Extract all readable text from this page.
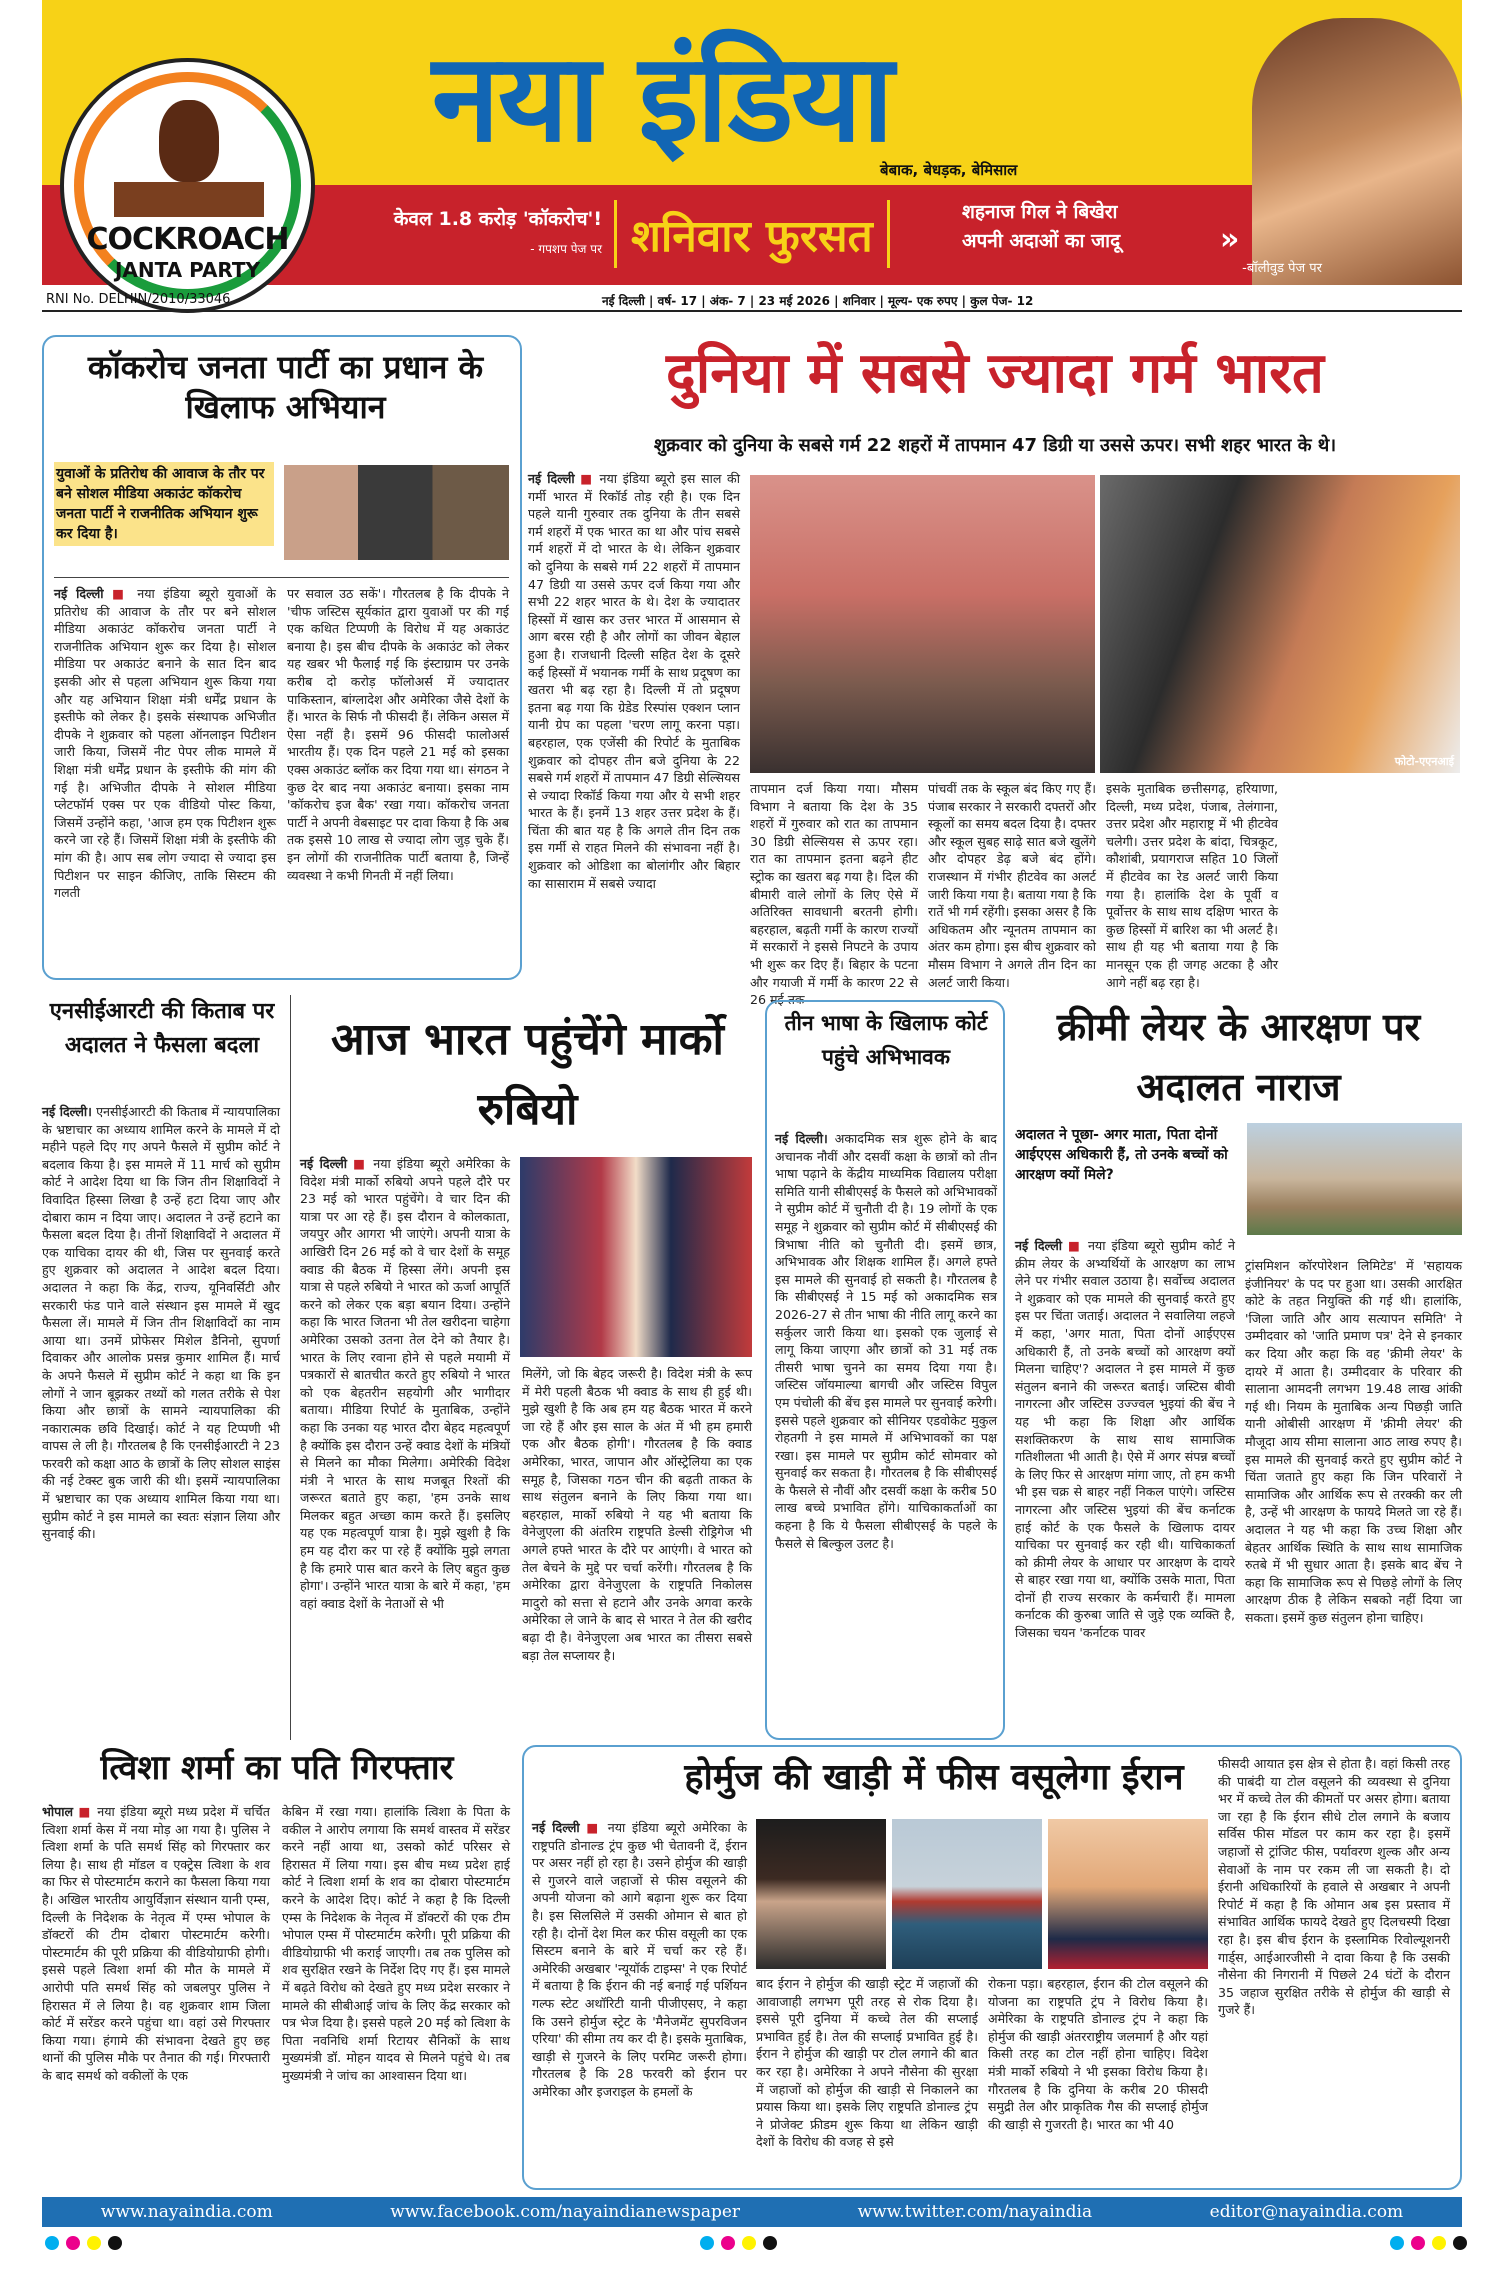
नया इंडिया
बेबाक, बेधड़क, बेमिसाल
केवल 1.8 करोड़ 'कॉकरोच'!
- गपशप पेज पर शनिवार फुरसत	शहनाज गिल ने बिखेरा
अपनी अदाओं का जादू	»
-बॉलीवुड पेज पर
COCKROACH
JANTA PARTY
RNI No. DELHIN/2010/33046	नई दिल्ली | वर्ष- 17 | अंक- 7 | 23 मई 2026 | शनिवार | मूल्य- एक रुपए | कुल पेज- 12
कॉकरोच जनता पार्टी का प्रधान के खिलाफ अभियान
युवाओं के प्रतिरोध की आवाज के तौर पर बने सोशल मीडिया अकाउंट कॉकरोच जनता पार्टी ने राजनीतिक अभियान शुरू कर दिया है।
नई दिल्ली ■ नया इंडिया ब्यूरो युवाओं के प्रतिरोध की आवाज के तौर पर बने सोशल मीडिया अकाउंट कॉकरोच जनता पार्टी ने राजनीतिक अभियान शुरू कर दिया है। सोशल मीडिया पर अकाउंट बनाने के सात दिन बाद इसकी ओर से पहला अभियान शुरू किया गया और यह अभियान शिक्षा मंत्री धर्मेंद्र प्रधान के इस्तीफे को लेकर है। इसके संस्थापक अभिजीत दीपके ने शुक्रवार को पहला ऑनलाइन पिटीशन जारी किया, जिसमें नीट पेपर लीक मामले में शिक्षा मंत्री धर्मेंद्र प्रधान के इस्तीफे की मांग की गई है। अभिजीत दीपके ने सोशल मीडिया प्लेटफॉर्म एक्स पर एक वीडियो पोस्ट किया, जिसमें उन्होंने कहा, 'आज हम एक पिटीशन शुरू करने जा रहे हैं। जिसमें शिक्षा मंत्री के इस्तीफे की मांग की है। आप सब लोग ज्यादा से ज्यादा इस पिटीशन पर साइन कीजिए, ताकि सिस्टम की गलती
पर सवाल उठ सकें'। गौरतलब है कि दीपके ने 'चीफ जस्टिस सूर्यकांत द्वारा युवाओं पर की गई एक कथित टिप्पणी के विरोध में यह अकाउंट बनाया है। इस बीच दीपके के अकाउंट को लेकर यह खबर भी फैलाई गई कि इंस्टाग्राम पर उनके करीब दो करोड़ फॉलोअर्स में ज्यादातर पाकिस्तान, बांग्लादेश और अमेरिका जैसे देशों के हैं। भारत के सिर्फ नौ फीसदी हैं। लेकिन असल में ऐसा नहीं है। इसमें 96 फीसदी फालोअर्स भारतीय हैं। एक दिन पहले 21 मई को इसका एक्स अकाउंट ब्लॉक कर दिया गया था। संगठन ने कुछ देर बाद नया अकाउंट बनाया। इसका नाम 'कॉकरोच इज बैक' रखा गया। कॉकरोच जनता पार्टी ने अपनी वेबसाइट पर दावा किया है कि अब तक इससे 10 लाख से ज्यादा लोग जुड़ चुके हैं। इन लोगों की राजनीतिक पार्टी बताया है, जिन्हें व्यवस्था ने कभी गिनती में नहीं लिया।
दुनिया में सबसे ज्यादा गर्म भारत
शुक्रवार को दुनिया के सबसे गर्म 22 शहरों में तापमान 47 डिग्री या उससे ऊपर। सभी शहर भारत के थे।
नई दिल्ली ■ नया इंडिया ब्यूरो इस साल की गर्मी भारत में रिकॉर्ड तोड़ रही है। एक दिन पहले यानी गुरुवार तक दुनिया के तीन सबसे गर्म शहरों में एक भारत का था और पांच सबसे गर्म शहरों में दो भारत के थे। लेकिन शुक्रवार को दुनिया के सबसे गर्म 22 शहरों में तापमान 47 डिग्री या उससे ऊपर दर्ज किया गया और सभी 22 शहर भारत के थे। देश के ज्यादातर हिस्सों में खास कर उत्तर भारत में आसमान से आग बरस रही है और लोगों का जीवन बेहाल हुआ है। राजधानी दिल्ली सहित देश के दूसरे कई हिस्सों में भयानक गर्मी के साथ प्रदूषण का खतरा भी बढ़ रहा है। दिल्ली में तो प्रदूषण इतना बढ़ गया कि ग्रेडेड रिस्पांस एक्शन प्लान यानी ग्रेप का पहला 'चरण लागू करना पड़ा। बहरहाल, एक एजेंसी की रिपोर्ट के मुताबिक शुक्रवार को दोपहर तीन बजे दुनिया के 22 सबसे गर्म शहरों में तापमान 47 डिग्री सेल्सियस से ज्यादा रिकॉर्ड किया गया और ये सभी शहर भारत के हैं। इनमें 13 शहर उत्तर प्रदेश के हैं। चिंता की बात यह है कि अगले तीन दिन तक इस गर्मी से राहत मिलने की संभावना नहीं है। शुक्रवार को ओडिशा का बोलांगीर और बिहार का सासाराम में सबसे ज्यादा
फोटो-एएनआई
तापमान दर्ज किया गया। मौसम विभाग ने बताया कि देश के 35 शहरों में गुरुवार को रात का तापमान 30 डिग्री सेल्सियस से ऊपर रहा। रात का तापमान इतना बढ़ने हीट स्ट्रोक का खतरा बढ़ गया है। दिल की बीमारी वाले लोगों के लिए ऐसे में अतिरिक्त सावधानी बरतनी होगी। बहरहाल, बढ़ती गर्मी के कारण राज्यों में सरकारों ने इससे निपटने के उपाय भी शुरू कर दिए हैं। बिहार के पटना और गयाजी में गर्मी के कारण 22 से 26 मई तक
पांचवीं तक के स्कूल बंद किए गए हैं। पंजाब सरकार ने सरकारी दफ्तरों और स्कूलों का समय बदल दिया है। दफ्तर और स्कूल सुबह साढ़े सात बजे खुलेंगे और दोपहर डेढ़ बजे बंद होंगे। राजस्थान में गंभीर हीटवेव का अलर्ट जारी किया गया है। बताया गया है कि रातें भी गर्म रहेंगी। इसका असर है कि अधिकतम और न्यूनतम तापमान का अंतर कम होगा। इस बीच शुक्रवार को मौसम विभाग ने अगले तीन दिन का अलर्ट जारी किया।
इसके मुताबिक छत्तीसगढ़, हरियाणा, दिल्ली, मध्य प्रदेश, पंजाब, तेलंगाना, उत्तर प्रदेश और महाराष्ट्र में भी हीटवेव चलेगी। उत्तर प्रदेश के बांदा, चित्रकूट, कौशांबी, प्रयागराज सहित 10 जिलों में हीटवेव का रेड अलर्ट जारी किया गया है। हालांकि देश के पूर्वी व पूर्वोत्तर के साथ साथ दक्षिण भारत के कुछ हिस्सों में बारिश का भी अलर्ट है। साथ ही यह भी बताया गया है कि मानसून एक ही जगह अटका है और आगे नहीं बढ़ रहा है।
एनसीईआरटी की किताब पर अदालत ने फैसला बदला
नई दिल्ली। एनसीईआरटी की किताब में न्यायपालिका के भ्रष्टाचार का अध्याय शामिल करने के मामले में दो महीने पहले दिए गए अपने फैसले में सुप्रीम कोर्ट ने बदलाव किया है। इस मामले में 11 मार्च को सुप्रीम कोर्ट ने आदेश दिया था कि जिन तीन शिक्षाविदों ने विवादित हिस्सा लिखा है उन्हें हटा दिया जाए और दोबारा काम न दिया जाए। अदालत ने उन्हें हटाने का फैसला बदल दिया है। तीनों शिक्षाविदों ने अदालत में एक याचिका दायर की थी, जिस पर सुनवाई करते हुए शुक्रवार को अदालत ने आदेश बदल दिया। अदालत ने कहा कि केंद्र, राज्य, यूनिवर्सिटी और सरकारी फंड पाने वाले संस्थान इस मामले में खुद फैसला लें। मामले में जिन तीन शिक्षाविदों का नाम आया था। उनमें प्रोफेसर मिशेल डैनिनो, सुपर्णा दिवाकर और आलोक प्रसन्न कुमार शामिल हैं। मार्च के अपने फैसले में सुप्रीम कोर्ट ने कहा था कि इन लोगों ने जान बूझकर तथ्यों को गलत तरीके से पेश किया और छात्रों के सामने न्यायपालिका की नकारात्मक छवि दिखाई। कोर्ट ने यह टिप्पणी भी वापस ले ली है। गौरतलब है कि एनसीईआरटी ने 23 फरवरी को कक्षा आठ के छात्रों के लिए सोशल साइंस की नई टेक्स्ट बुक जारी की थी। इसमें न्यायपालिका में भ्रष्टाचार का एक अध्याय शामिल किया गया था। सुप्रीम कोर्ट ने इस मामले का स्वतः संज्ञान लिया और सुनवाई की।
आज भारत पहुंचेंगे मार्को रुबियो
नई दिल्ली ■ नया इंडिया ब्यूरो अमेरिका के विदेश मंत्री मार्को रुबियो अपने पहले दौरे पर 23 मई को भारत पहुंचेंगे। वे चार दिन की यात्रा पर आ रहे हैं। इस दौरान वे कोलकाता, जयपुर और आगरा भी जाएंगे। अपनी यात्रा के आखिरी दिन 26 मई को वे चार देशों के समूह क्वाड की बैठक में हिस्सा लेंगे। अपनी इस यात्रा से पहले रुबियो ने भारत को ऊर्जा आपूर्ति करने को लेकर एक बड़ा बयान दिया। उन्होंने कहा कि भारत जितना भी तेल खरीदना चाहेगा अमेरिका उसको उतना तेल देने को तैयार है। भारत के लिए रवाना होने से पहले मयामी में पत्रकारों से बातचीत करते हुए रुबियो ने भारत को एक बेहतरीन सहयोगी और भागीदार बताया। मीडिया रिपोर्ट के मुताबिक, उन्होंने कहा कि उनका यह भारत दौरा बेहद महत्वपूर्ण है क्योंकि इस दौरान उन्हें क्वाड देशों के मंत्रियों से मिलने का मौका मिलेगा। अमेरिकी विदेश मंत्री ने भारत के साथ मजबूत रिश्तों की जरूरत बताते हुए कहा, 'हम उनके साथ मिलकर बहुत अच्छा काम करते हैं। इसलिए यह एक महत्वपूर्ण यात्रा है। मुझे खुशी है कि हम यह दौरा कर पा रहे हैं क्योंकि मुझे लगता है कि हमारे पास बात करने के लिए बहुत कुछ होगा'। उन्होंने भारत यात्रा के बारे में कहा, 'हम वहां क्वाड देशों के नेताओं से भी
मिलेंगे, जो कि बेहद जरूरी है। विदेश मंत्री के रूप में मेरी पहली बैठक भी क्वाड के साथ ही हुई थी। मुझे खुशी है कि अब हम यह बैठक भारत में करने जा रहे हैं और इस साल के अंत में भी हम हमारी एक और बैठक होगी'। गौरतलब है कि क्वाड अमेरिका, भारत, जापान और ऑस्ट्रेलिया का एक समूह है, जिसका गठन चीन की बढ़ती ताकत के साथ संतुलन बनाने के लिए किया गया था। बहरहाल, मार्को रुबियो ने यह भी बताया कि वेनेजुएला की अंतरिम राष्ट्रपति डेल्सी रोड्रिगेज भी अगले हफ्ते भारत के दौरे पर आएंगी। वे भारत को तेल बेचने के मुद्दे पर चर्चा करेंगी। गौरतलब है कि अमेरिका द्वारा वेनेजुएला के राष्ट्रपति निकोलस मादुरो को सत्ता से हटाने और उनके अगवा करके अमेरिका ले जाने के बाद से भारत ने तेल की खरीद बढ़ा दी है। वेनेजुएला अब भारत का तीसरा सबसे बड़ा तेल सप्लायर है।
तीन भाषा के खिलाफ कोर्ट पहुंचे अभिभावक
नई दिल्ली। अकादमिक सत्र शुरू होने के बाद अचानक नौवीं और दसवीं कक्षा के छात्रों को तीन भाषा पढ़ाने के केंद्रीय माध्यमिक विद्यालय परीक्षा समिति यानी सीबीएसई के फैसले को अभिभावकों ने सुप्रीम कोर्ट में चुनौती दी है। 19 लोगों के एक समूह ने शुक्रवार को सुप्रीम कोर्ट में सीबीएसई की त्रिभाषा नीति को चुनौती दी। इसमें छात्र, अभिभावक और शिक्षक शामिल हैं। अगले हफ्ते इस मामले की सुनवाई हो सकती है। गौरतलब है कि सीबीएसई ने 15 मई को अकादमिक सत्र 2026-27 से तीन भाषा की नीति लागू करने का सर्कुलर जारी किया था। इसको एक जुलाई से लागू किया जाएगा और छात्रों को 31 मई तक तीसरी भाषा चुनने का समय दिया गया है। जस्टिस जॉयमाल्या बागची और जस्टिस विपुल एम पंचोली की बेंच इस मामले पर सुनवाई करेगी। इससे पहले शुक्रवार को सीनियर एडवोकेट मुकुल रोहतगी ने इस मामले में अभिभावकों का पक्ष रखा। इस मामले पर सुप्रीम कोर्ट सोमवार को सुनवाई कर सकता है। गौरतलब है कि सीबीएसई के फैसले से नौवीं और दसवीं कक्षा के करीब 50 लाख बच्चे प्रभावित होंगे। याचिकाकर्ताओं का कहना है कि ये फैसला सीबीएसई के पहले के फैसले से बिल्कुल उलट है।
क्रीमी लेयर के आरक्षण पर अदालत नाराज
अदालत ने पूछा- अगर माता, पिता दोनों आईएएस अधिकारी हैं, तो उनके बच्चों को आरक्षण क्यों मिले?
नई दिल्ली ■ नया इंडिया ब्यूरो सुप्रीम कोर्ट ने क्रीम लेयर के अभ्यर्थियों के आरक्षण का लाभ लेने पर गंभीर सवाल उठाया है। सर्वोच्च अदालत ने शुक्रवार को एक मामले की सुनवाई करते हुए इस पर चिंता जताई। अदालत ने सवालिया लहजे में कहा, 'अगर माता, पिता दोनों आईएएस अधिकारी हैं, तो उनके बच्चों को आरक्षण क्यों मिलना चाहिए'? अदालत ने इस मामले में कुछ संतुलन बनाने की जरूरत बताई। जस्टिस बीवी नागरत्ना और जस्टिस उज्ज्वल भुइयां की बेंच ने यह भी कहा कि शिक्षा और आर्थिक सशक्तिकरण के साथ साथ सामाजिक गतिशीलता भी आती है। ऐसे में अगर संपन्न बच्चों के लिए फिर से आरक्षण मांगा जाए, तो हम कभी भी इस चक्र से बाहर नहीं निकल पाएंगे। जस्टिस नागरत्ना और जस्टिस भुइयां की बेंच कर्नाटक हाई कोर्ट के एक फैसले के खिलाफ दायर याचिका पर सुनवाई कर रही थी। याचिकाकर्ता को क्रीमी लेयर के आधार पर आरक्षण के दायरे से बाहर रखा गया था, क्योंकि उसके माता, पिता दोनों ही राज्य सरकार के कर्मचारी हैं। मामला कर्नाटक की कुरुबा जाति से जुड़े एक व्यक्ति है, जिसका चयन 'कर्नाटक पावर
ट्रांसमिशन कॉरपोरेशन लिमिटेड' में 'सहायक इंजीनियर' के पद पर हुआ था। उसकी आरक्षित कोटे के तहत नियुक्ति की गई थी। हालांकि, 'जिला जाति और आय सत्यापन समिति' ने उम्मीदवार को 'जाति प्रमाण पत्र' देने से इनकार कर दिया और कहा कि वह 'क्रीमी लेयर' के दायरे में आता है। उम्मीदवार के परिवार की सालाना आमदनी लगभग 19.48 लाख आंकी गई थी। नियम के मुताबिक अन्य पिछड़ी जाति यानी ओबीसी आरक्षण में 'क्रीमी लेयर' की मौजूदा आय सीमा सालाना आठ लाख रुपए है। इस मामले की सुनवाई करते हुए सुप्रीम कोर्ट ने चिंता जताते हुए कहा कि जिन परिवारों ने सामाजिक और आर्थिक रूप से तरक्की कर ली है, उन्हें भी आरक्षण के फायदे मिलते जा रहे हैं। अदालत ने यह भी कहा कि उच्च शिक्षा और बेहतर आर्थिक स्थिति के साथ साथ सामाजिक रुतबे में भी सुधार आता है। इसके बाद बेंच ने कहा कि सामाजिक रूप से पिछड़े लोगों के लिए आरक्षण ठीक है लेकिन सबको नहीं दिया जा सकता। इसमें कुछ संतुलन होना चाहिए।
त्विशा शर्मा का पति गिरफ्तार
भोपाल ■ नया इंडिया ब्यूरो मध्य प्रदेश में चर्चित त्विशा शर्मा केस में नया मोड़ आ गया है। पुलिस ने त्विशा शर्मा के पति समर्थ सिंह को गिरफ्तार कर लिया है। साथ ही मॉडल व एक्ट्रेस त्विशा के शव का फिर से पोस्टमार्टम कराने का फैसला किया गया है। अखिल भारतीय आयुर्विज्ञान संस्थान यानी एम्स, दिल्ली के निदेशक के नेतृत्व में एम्स भोपाल के डॉक्टरों की टीम दोबारा पोस्टमार्टम करेगी। पोस्टमार्टम की पूरी प्रक्रिया की वीडियोग्राफी होगी। इससे पहले त्विशा शर्मा की मौत के मामले में आरोपी पति समर्थ सिंह को जबलपुर पुलिस ने हिरासत में ले लिया है। वह शुक्रवार शाम जिला कोर्ट में सरेंडर करने पहुंचा था। वहां उसे गिरफ्तार किया गया। हंगामे की संभावना देखते हुए छह थानों की पुलिस मौके पर तैनात की गई। गिरफ्तारी के बाद समर्थ को वकीलों के एक
केबिन में रखा गया। हालांकि त्विशा के पिता के वकील ने आरोप लगाया कि समर्थ वास्तव में सरेंडर करने नहीं आया था, उसको कोर्ट परिसर से हिरासत में लिया गया। इस बीच मध्य प्रदेश हाई कोर्ट ने त्विशा शर्मा के शव का दोबारा पोस्टमार्टम करने के आदेश दिए। कोर्ट ने कहा है कि दिल्ली एम्स के निदेशक के नेतृत्व में डॉक्टरों की एक टीम भोपाल एम्स में पोस्टमार्टम करेगी। पूरी प्रक्रिया की वीडियोग्राफी भी कराई जाएगी। तब तक पुलिस को शव सुरक्षित रखने के निर्देश दिए गए हैं। इस मामले में बढ़ते विरोध को देखते हुए मध्य प्रदेश सरकार ने मामले की सीबीआई जांच के लिए केंद्र सरकार को पत्र भेज दिया है। इससे पहले 20 मई को त्विशा के पिता नवनिधि शर्मा रिटायर सैनिकों के साथ मुख्यमंत्री डॉ. मोहन यादव से मिलने पहुंचे थे। तब मुख्यमंत्री ने जांच का आश्वासन दिया था।
होर्मुज की खाड़ी में फीस वसूलेगा ईरान
नई दिल्ली ■ नया इंडिया ब्यूरो अमेरिका के राष्ट्रपति डोनाल्ड ट्रंप कुछ भी चेतावनी दें, ईरान पर असर नहीं हो रहा है। उसने होर्मुज की खाड़ी से गुजरने वाले जहाजों से फीस वसूलने की अपनी योजना को आगे बढ़ाना शुरू कर दिया है। इस सिलसिले में उसकी ओमान से बात हो रही है। दोनों देश मिल कर फीस वसूली का एक सिस्टम बनाने के बारे में चर्चा कर रहे हैं। अमेरिकी अखबार 'न्यूयॉर्क टाइम्स' ने एक रिपोर्ट में बताया है कि ईरान की नई बनाई गई पर्शियन गल्फ स्टेट अथॉरिटी यानी पीजीएसए, ने कहा कि उसने होर्मुज स्ट्रेट के 'मैनेजमेंट सुपरविजन एरिया' की सीमा तय कर दी है। इसके मुताबिक, खाड़ी से गुजरने के लिए परमिट जरूरी होगा। गौरतलब है कि 28 फरवरी को ईरान पर अमेरिका और इजराइल के हमलों के
बाद ईरान ने होर्मुज की खाड़ी स्ट्रेट में जहाजों की आवाजाही लगभग पूरी तरह से रोक दिया है। इससे पूरी दुनिया में कच्चे तेल की सप्लाई प्रभावित हुई है। तेल की सप्लाई प्रभावित हुई है। ईरान ने होर्मुज की खाड़ी पर टोल लगाने की बात कर रहा है। अमेरिका ने अपने नौसेना की सुरक्षा में जहाजों को होर्मुज की खाड़ी से निकालने का प्रयास किया था। इसके लिए राष्ट्रपति डोनाल्ड ट्रंप ने प्रोजेक्ट फ्रीडम शुरू किया था लेकिन खाड़ी देशों के विरोध की वजह से इसे
रोकना पड़ा। बहरहाल, ईरान की टोल वसूलने की योजना का राष्ट्रपति ट्रंप ने विरोध किया है। अमेरिका के राष्ट्रपति डोनाल्ड ट्रंप ने कहा कि होर्मुज की खाड़ी अंतरराष्ट्रीय जलमार्ग है और यहां किसी तरह का टोल नहीं होना चाहिए। विदेश मंत्री मार्को रुबियो ने भी इसका विरोध किया है। गौरतलब है कि दुनिया के करीब 20 फीसदी समुद्री तेल और प्राकृतिक गैस की सप्लाई होर्मुज की खाड़ी से गुजरती है। भारत का भी 40
फीसदी आयात इस क्षेत्र से होता है। वहां किसी तरह की पाबंदी या टोल वसूलने की व्यवस्था से दुनिया भर में कच्चे तेल की कीमतों पर असर होगा। बताया जा रहा है कि ईरान सीधे टोल लगाने के बजाय सर्विस फीस मॉडल पर काम कर रहा है। इसमें जहाजों से ट्रांजिट फीस, पर्यावरण शुल्क और अन्य सेवाओं के नाम पर रकम ली जा सकती है। दो ईरानी अधिकारियों के हवाले से अखबार ने अपनी रिपोर्ट में कहा है कि ओमान अब इस प्रस्ताव में संभावित आर्थिक फायदे देखते हुए दिलचस्पी दिखा रहा है। इस बीच ईरान के इस्लामिक रिवोल्यूशनरी गार्ड्स, आईआरजीसी ने दावा किया है कि उसकी नौसेना की निगरानी में पिछले 24 घंटों के दौरान 35 जहाज सुरक्षित तरीके से होर्मुज की खाड़ी से गुजरे हैं।
www.nayaindia.com	www.facebook.com/nayaindianewspaper	www.twitter.com/nayaindia	editor@nayaindia.com
